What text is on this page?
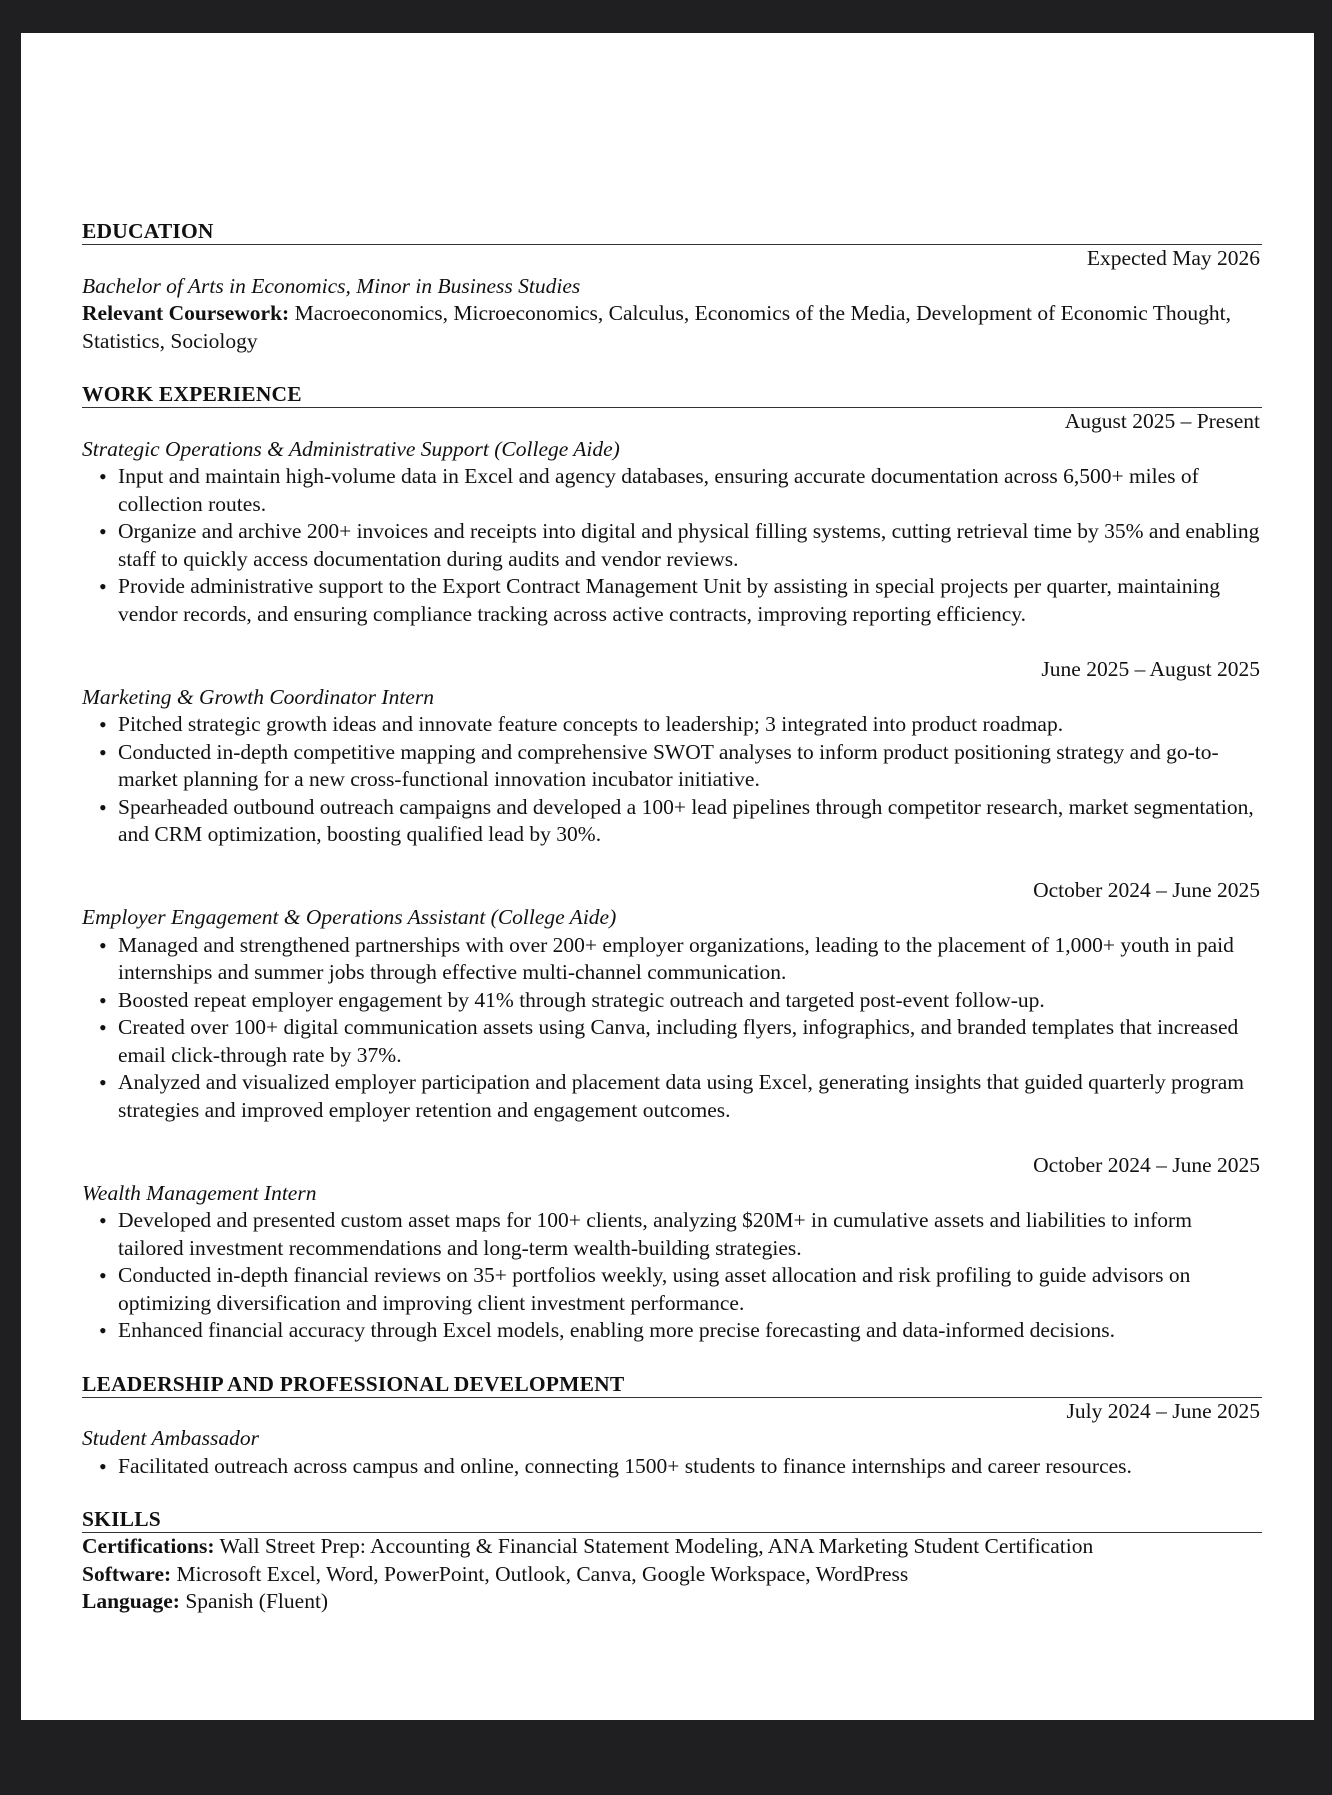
EDUCATION
Expected May 2026
Bachelor of Arts in Economics, Minor in Business Studies
Relevant Coursework: Macroeconomics, Microeconomics, Calculus, Economics of the Media, Development of Economic Thought, Statistics, Sociology
WORK EXPERIENCE
August 2025 – Present
Strategic Operations & Administrative Support (College Aide)
• Input and maintain high-volume data in Excel and agency databases, ensuring accurate documentation across 6,500+ miles of collection routes.
• Organize and archive 200+ invoices and receipts into digital and physical filling systems, cutting retrieval time by 35% and enabling staff to quickly access documentation during audits and vendor reviews.
• Provide administrative support to the Export Contract Management Unit by assisting in special projects per quarter, maintaining vendor records, and ensuring compliance tracking across active contracts, improving reporting efficiency.
June 2025 – August 2025
Marketing & Growth Coordinator Intern
• Pitched strategic growth ideas and innovate feature concepts to leadership; 3 integrated into product roadmap.
• Conducted in-depth competitive mapping and comprehensive SWOT analyses to inform product positioning strategy and go-to-market planning for a new cross-functional innovation incubator initiative.
• Spearheaded outbound outreach campaigns and developed a 100+ lead pipelines through competitor research, market segmentation, and CRM optimization, boosting qualified lead by 30%.
October 2024 – June 2025
Employer Engagement & Operations Assistant (College Aide)
• Managed and strengthened partnerships with over 200+ employer organizations, leading to the placement of 1,000+ youth in paid internships and summer jobs through effective multi-channel communication.
• Boosted repeat employer engagement by 41% through strategic outreach and targeted post-event follow-up.
• Created over 100+ digital communication assets using Canva, including flyers, infographics, and branded templates that increased email click-through rate by 37%.
• Analyzed and visualized employer participation and placement data using Excel, generating insights that guided quarterly program strategies and improved employer retention and engagement outcomes.
October 2024 – June 2025
Wealth Management Intern
• Developed and presented custom asset maps for 100+ clients, analyzing $20M+ in cumulative assets and liabilities to inform tailored investment recommendations and long-term wealth-building strategies.
• Conducted in-depth financial reviews on 35+ portfolios weekly, using asset allocation and risk profiling to guide advisors on optimizing diversification and improving client investment performance.
• Enhanced financial accuracy through Excel models, enabling more precise forecasting and data-informed decisions.
LEADERSHIP AND PROFESSIONAL DEVELOPMENT
July 2024 – June 2025
Student Ambassador
• Facilitated outreach across campus and online, connecting 1500+ students to finance internships and career resources.
SKILLS
Certifications: Wall Street Prep: Accounting & Financial Statement Modeling, ANA Marketing Student Certification
Software: Microsoft Excel, Word, PowerPoint, Outlook, Canva, Google Workspace, WordPress
Language: Spanish (Fluent)
